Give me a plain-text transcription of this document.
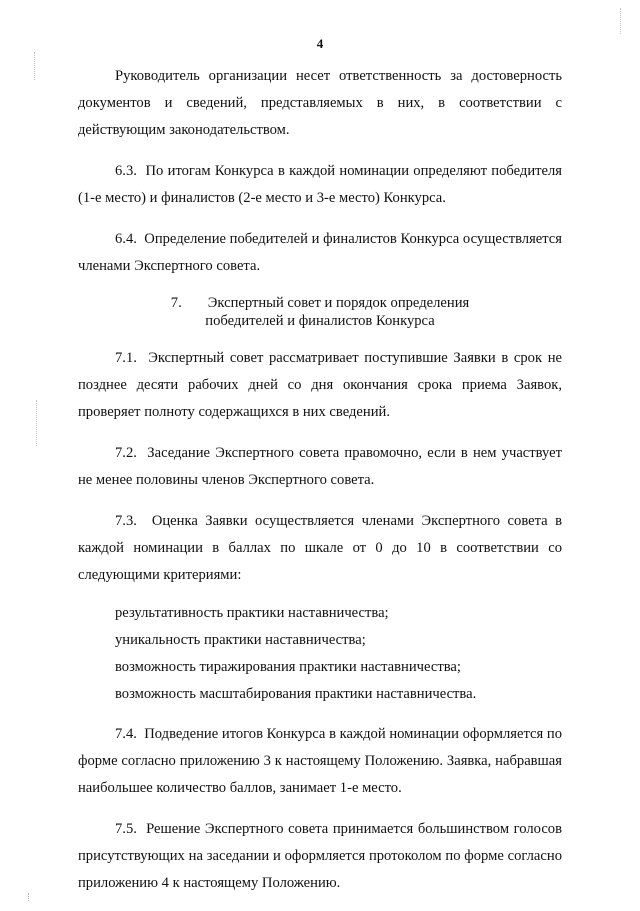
4

Руководитель организации несет ответственность за достоверность документов и сведений, представляемых в них, в соответствии с действующим законодательством.

6.3.  По итогам Конкурса в каждой номинации определяют победителя (1-е место) и финалистов (2-е место и 3-е место) Конкурса.

6.4.  Определение победителей и финалистов Конкурса осуществляется членами Экспертного совета.

7. Экспертный совет и порядок определения
победителей и финалистов Конкурса

7.1.  Экспертный совет рассматривает поступившие Заявки в срок не позднее десяти рабочих дней со дня окончания срока приема Заявок, проверяет полноту содержащихся в них сведений.

7.2.  Заседание Экспертного совета правомочно, если в нем участвует не менее половины членов Экспертного совета.

7.3.  Оценка Заявки осуществляется членами Экспертного совета в каждой номинации в баллах по шкале от 0 до 10 в соответствии со следующими критериями:

результативность практики наставничества;
уникальность практики наставничества;
возможность тиражирования практики наставничества;
возможность масштабирования практики наставничества.

7.4.  Подведение итогов Конкурса в каждой номинации оформляется по форме согласно приложению 3 к настоящему Положению. Заявка, набравшая наибольшее количество баллов, занимает 1-е место.

7.5.  Решение Экспертного совета принимается большинством голосов присутствующих на заседании и оформляется протоколом по форме согласно приложению 4 к настоящему Положению.
